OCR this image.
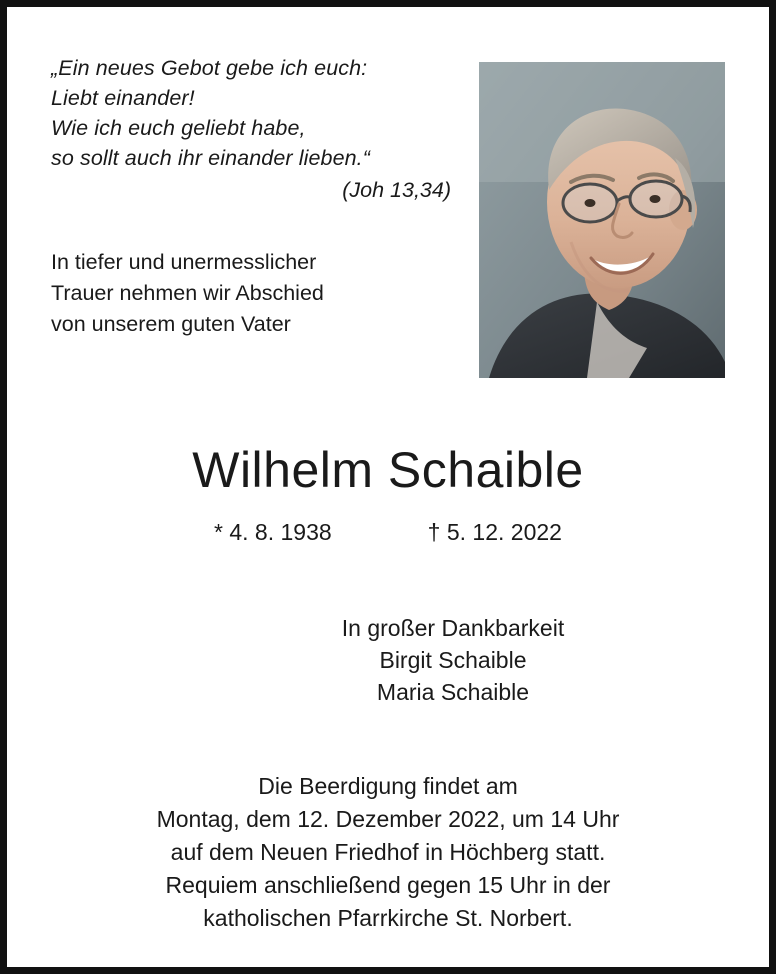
„Ein neues Gebot gebe ich euch:
Liebt einander!
Wie ich euch geliebt habe,
so sollt auch ihr einander lieben.“
(Joh 13,34)
In tiefer und unermesslicher
Trauer nehmen wir Abschied
von unserem guten Vater
Wilhelm Schaible
* 4. 8. 1938	† 5. 12. 2022
In großer Dankbarkeit
Birgit Schaible
Maria Schaible
Die Beerdigung findet am
Montag, dem 12. Dezember 2022, um 14 Uhr
auf dem Neuen Friedhof in Höchberg statt.
Requiem anschließend gegen 15 Uhr in der
katholischen Pfarrkirche St. Norbert.
